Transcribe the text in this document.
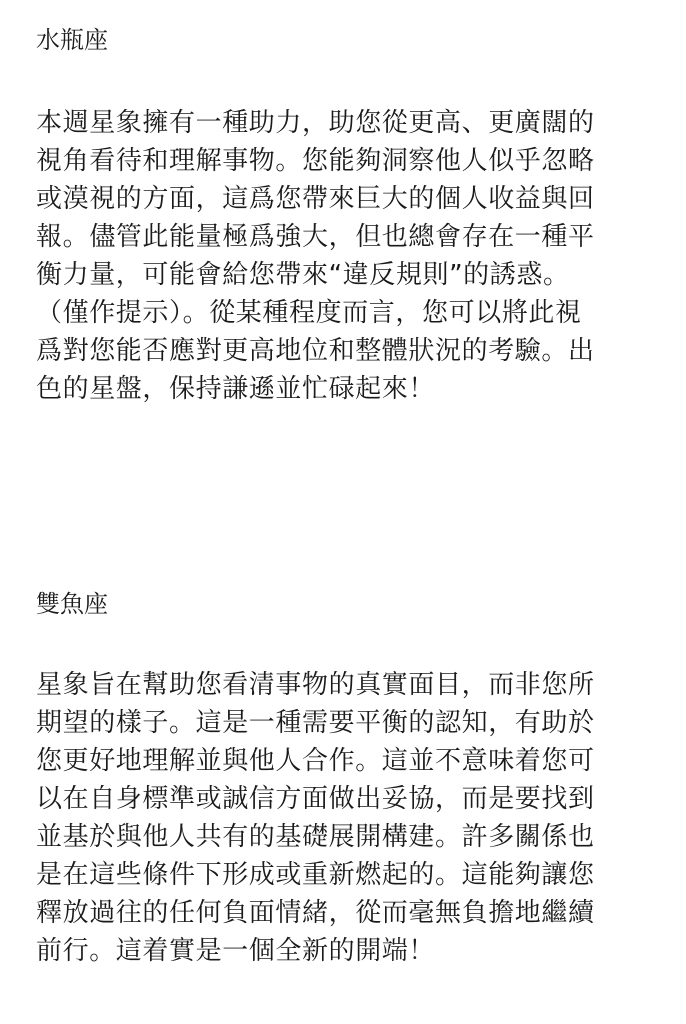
水瓶座
本週星象擁有一種助力，助您從更高、更廣闊的
視角看待和理解事物。您能夠洞察他人似乎忽略
或漠視的方面，這爲您帶來巨大的個人收益與回
報。儘管此能量極爲強大，但也總會存在一種平
衡力量，可能會給您帶來“違反規則”的誘惑。
（僅作提示）。從某種程度而言，您可以將此視
爲對您能否應對更高地位和整體狀況的考驗。出
色的星盤，保持謙遜並忙碌起來！
雙魚座
星象旨在幫助您看清事物的真實面目，而非您所
期望的樣子。這是一種需要平衡的認知，有助於
您更好地理解並與他人合作。這並不意味着您可
以在自身標準或誠信方面做出妥協，而是要找到
並基於與他人共有的基礎展開構建。許多關係也
是在這些條件下形成或重新燃起的。這能夠讓您
釋放過往的任何負面情緒，從而毫無負擔地繼續
前行。這着實是一個全新的開端！
